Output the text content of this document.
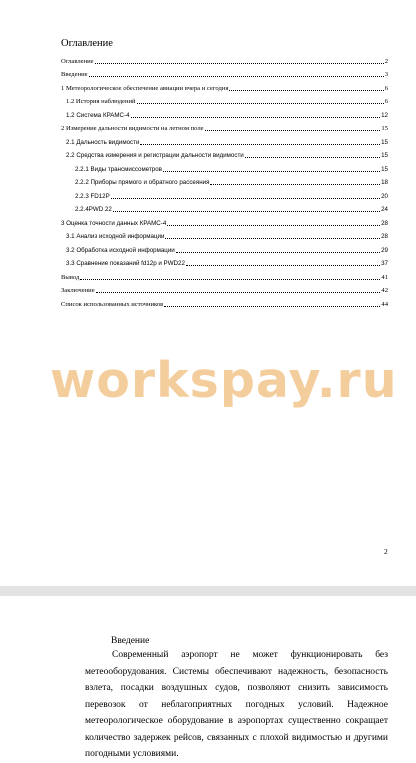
Оглавление
Оглавление	2
Введение	3
1 Метеорологическое обеспечение авиации вчера и сегодня	6
1.2 История наблюдений	6
1.2 Система КРАМС-4	12
2 Измерение дальности видимости на летном поле	15
2.1 Дальность видимости	15
2.2 Средства измерения и регистрации дальности видимости	15
2.2.1 Виды трансмиссометров	15
2.2.2 Приборы прямого и обратного рассеяния	18
2.2.3 FD12P	20
2.2.4PWD 22	24
3 Оценка точности данных КРАМС-4	28
3.1 Анализ исходной информации	28
3.2 Обработка исходной информации	29
3.3 Сравнение показаний fd12p и PWD22	37
Вывод	41
Заключение	42
Список использованных источников	44
workspay.ru
2
Введение

Современный аэропорт не может функционировать без метеооборудования. Системы обеспечивают надежность, безопасность взлета, посадки воздушных судов, позволяют снизить зависимость перевозок от неблагоприятных погодных условий. Надежное метеорологическое оборудование в аэропортах существенно сокращает количество задержек рейсов, связанных с плохой видимостью и другими погодными условиями.
